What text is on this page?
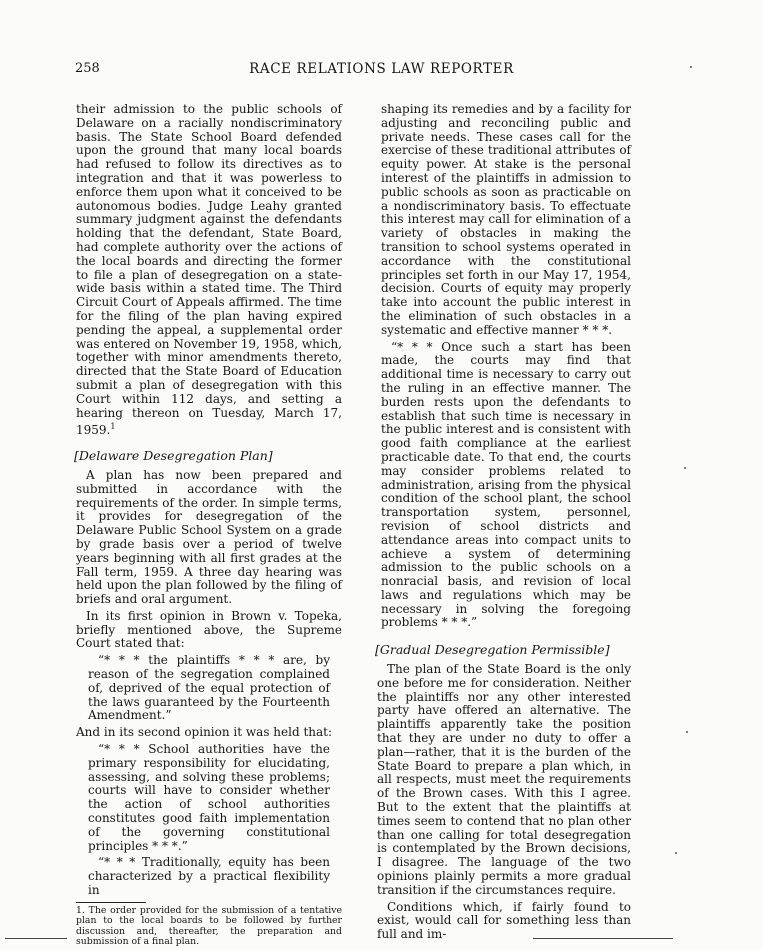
258	RACE RELATIONS LAW REPORTER

their admission to the public schools of Delaware on a racially nondiscriminatory basis. The State School Board defended upon the ground that many local boards had refused to follow its directives as to integration and that it was powerless to enforce them upon what it conceived to be autonomous bodies. Judge Leahy granted summary judgment against the defendants holding that the defendant, State Board, had complete authority over the actions of the local boards and directing the former to file a plan of desegregation on a state-wide basis within a stated time. The Third Circuit Court of Appeals affirmed. The time for the filing of the plan having expired pending the appeal, a supplemental order was entered on November 19, 1958, which, together with minor amendments thereto, directed that the State Board of Education submit a plan of desegregation with this Court within 112 days, and setting a hearing thereon on Tuesday, March 17, 1959.$^1$

[Delaware Desegregation Plan]

A plan has now been prepared and submitted in accordance with the requirements of the order. In simple terms, it provides for desegregation of the Delaware Public School System on a grade by grade basis over a period of twelve years beginning with all first grades at the Fall term, 1959. A three day hearing was held upon the plan followed by the filing of briefs and oral argument.

In its first opinion in Brown v. Topeka, briefly mentioned above, the Supreme Court stated that:

“* * * the plaintiffs * * * are, by reason of the segregation complained of, deprived of the equal protection of the laws guaranteed by the Fourteenth Amendment.”

And in its second opinion it was held that:

“* * * School authorities have the primary responsibility for elucidating, assessing, and solving these problems; courts will have to consider whether the action of school authorities constitutes good faith implementation of the governing constitutional principles * * *.”

“* * * Traditionally, equity has been characterized by a practical flexibility in

1. The order provided for the submission of a tentative plan to the local boards to be followed by further discussion and, thereafter, the preparation and submission of a final plan.

shaping its remedies and by a facility for adjusting and reconciling public and private needs. These cases call for the exercise of these traditional attributes of equity power. At stake is the personal interest of the plaintiffs in admission to public schools as soon as practicable on a nondiscriminatory basis. To effectuate this interest may call for elimination of a variety of obstacles in making the transition to school systems operated in accordance with the constitutional principles set forth in our May 17, 1954, decision. Courts of equity may properly take into account the public interest in the elimination of such obstacles in a systematic and effective manner * * *.

“* * * Once such a start has been made, the courts may find that additional time is necessary to carry out the ruling in an effective manner. The burden rests upon the defendants to establish that such time is necessary in the public interest and is consistent with good faith compliance at the earliest practicable date. To that end, the courts may consider problems related to administration, arising from the physical condition of the school plant, the school transportation system, personnel, revision of school districts and attendance areas into compact units to achieve a system of determining admission to the public schools on a nonracial basis, and revision of local laws and regulations which may be necessary in solving the foregoing problems * * *.”

[Gradual Desegregation Permissible]

The plan of the State Board is the only one before me for consideration. Neither the plaintiffs nor any other interested party have offered an alternative. The plaintiffs apparently take the position that they are under no duty to offer a plan—rather, that it is the burden of the State Board to prepare a plan which, in all respects, must meet the requirements of the Brown cases. With this I agree. But to the extent that the plaintiffs at times seem to contend that no plan other than one calling for total desegregation is contemplated by the Brown decisions, I disagree. The language of the two opinions plainly permits a more gradual transition if the circumstances require.

Conditions which, if fairly found to exist, would call for something less than full and im-
